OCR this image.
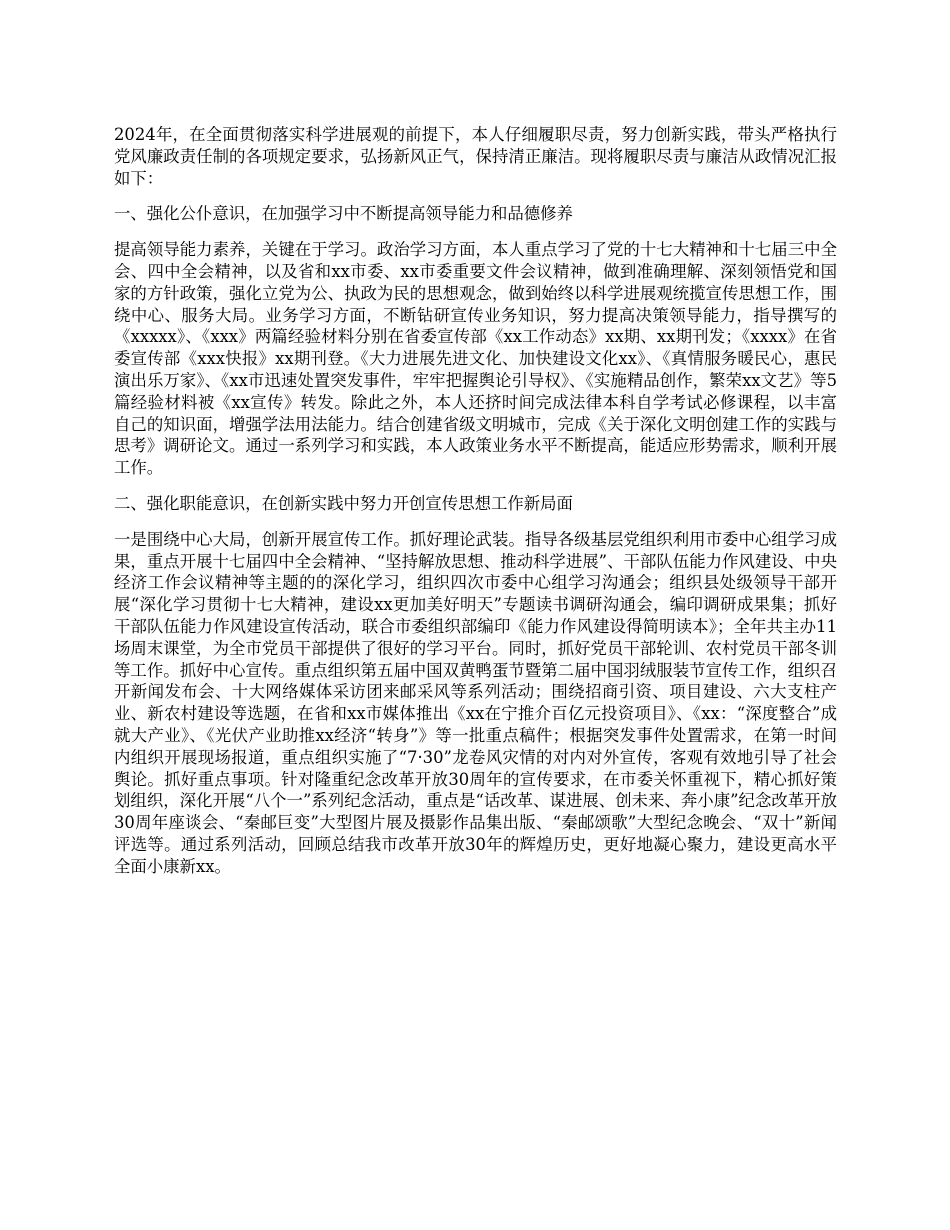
2024年，在全面贯彻落实科学进展观的前提下，本人仔细履职尽责，努力创新实践，带头严格执行党风廉政责任制的各项规定要求，弘扬新风正气，保持清正廉洁。现将履职尽责与廉洁从政情况汇报如下：

一、强化公仆意识，在加强学习中不断提高领导能力和品德修养

提高领导能力素养，关键在于学习。政治学习方面，本人重点学习了党的十七大精神和十七届三中全会、四中全会精神，以及省和xx市委、xx市委重要文件会议精神，做到准确理解、深刻领悟党和国家的方针政策，强化立党为公、执政为民的思想观念，做到始终以科学进展观统揽宣传思想工作，围绕中心、服务大局。业务学习方面，不断钻研宣传业务知识，努力提高决策领导能力，指导撰写的《xxxxx》、《xxx》两篇经验材料分别在省委宣传部《xx工作动态》xx期、xx期刊发；《xxxx》在省委宣传部《xxx快报》xx期刊登。《大力进展先进文化、加快建设文化xx》、《真情服务暖民心，惠民演出乐万家》、《xx市迅速处置突发事件，牢牢把握舆论引导权》、《实施精品创作，繁荣xx文艺》等5篇经验材料被《xx宣传》转发。除此之外，本人还挤时间完成法律本科自学考试必修课程，以丰富自己的知识面，增强学法用法能力。结合创建省级文明城市，完成《关于深化文明创建工作的实践与思考》调研论文。通过一系列学习和实践，本人政策业务水平不断提高，能适应形势需求，顺利开展工作。

二、强化职能意识，在创新实践中努力开创宣传思想工作新局面

一是围绕中心大局，创新开展宣传工作。抓好理论武装。指导各级基层党组织利用市委中心组学习成果，重点开展十七届四中全会精神、“坚持解放思想、推动科学进展”、干部队伍能力作风建设、中央经济工作会议精神等主题的的深化学习，组织四次市委中心组学习沟通会；组织县处级领导干部开展“深化学习贯彻十七大精神，建设xx更加美好明天”专题读书调研沟通会，编印调研成果集；抓好干部队伍能力作风建设宣传活动，联合市委组织部编印《能力作风建设得简明读本》；全年共主办11场周末课堂，为全市党员干部提供了很好的学习平台。同时，抓好党员干部轮训、农村党员干部冬训等工作。抓好中心宣传。重点组织第五届中国双黄鸭蛋节暨第二届中国羽绒服装节宣传工作，组织召开新闻发布会、十大网络媒体采访团来邮采风等系列活动；围绕招商引资、项目建设、六大支柱产业、新农村建设等选题，在省和xx市媒体推出《xx在宁推介百亿元投资项目》、《xx：“深度整合”成就大产业》、《光伏产业助推xx经济“转身”》等一批重点稿件；根据突发事件处置需求，在第一时间内组织开展现场报道，重点组织实施了“7·30”龙卷风灾情的对内对外宣传，客观有效地引导了社会舆论。抓好重点事项。针对隆重纪念改革开放30周年的宣传要求，在市委关怀重视下，精心抓好策划组织，深化开展“八个一”系列纪念活动，重点是“话改革、谋进展、创未来、奔小康”纪念改革开放30周年座谈会、“秦邮巨变”大型图片展及摄影作品集出版、“秦邮颂歌”大型纪念晚会、“双十”新闻评选等。通过系列活动，回顾总结我市改革开放30年的辉煌历史，更好地凝心聚力，建设更高水平全面小康新xx。
